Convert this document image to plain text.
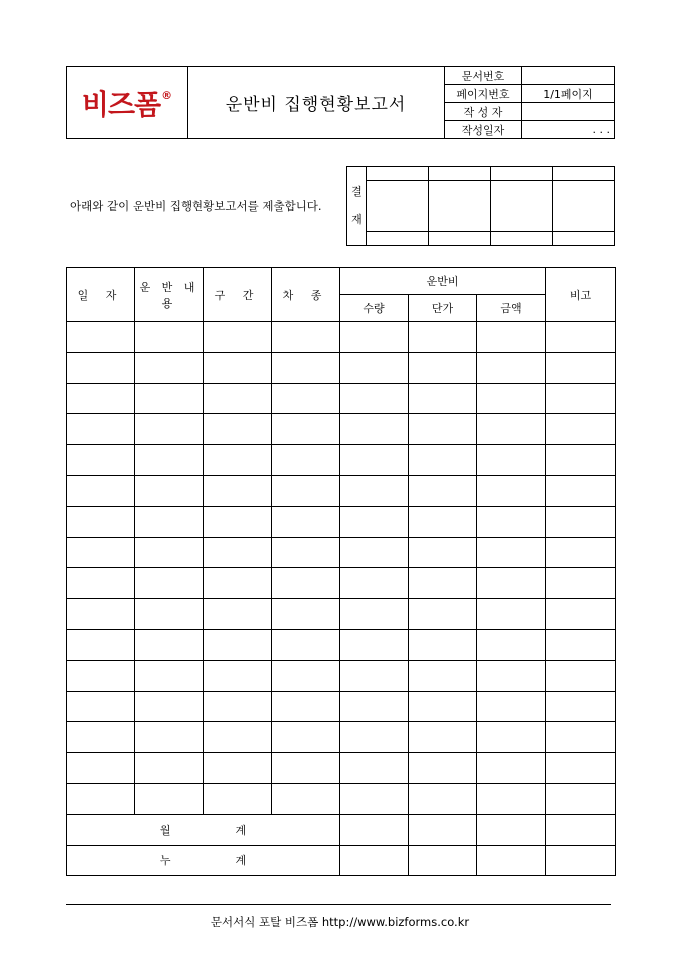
비즈폼 ®	운반비 집행현황보고서	문서번호	
		페이지번호	1/1페이지
		작 성 자	
		작성일자	. . .
아래와 같이 운반비 집행현황보고서를 제출합니다.
결
재				

일 자	운 반 내 용	구 간	차 종	운반비			비고
				수량	단가	금액	

월 계							
누 계							
문서서식 포탈 비즈폼 http://www.bizforms.co.kr
